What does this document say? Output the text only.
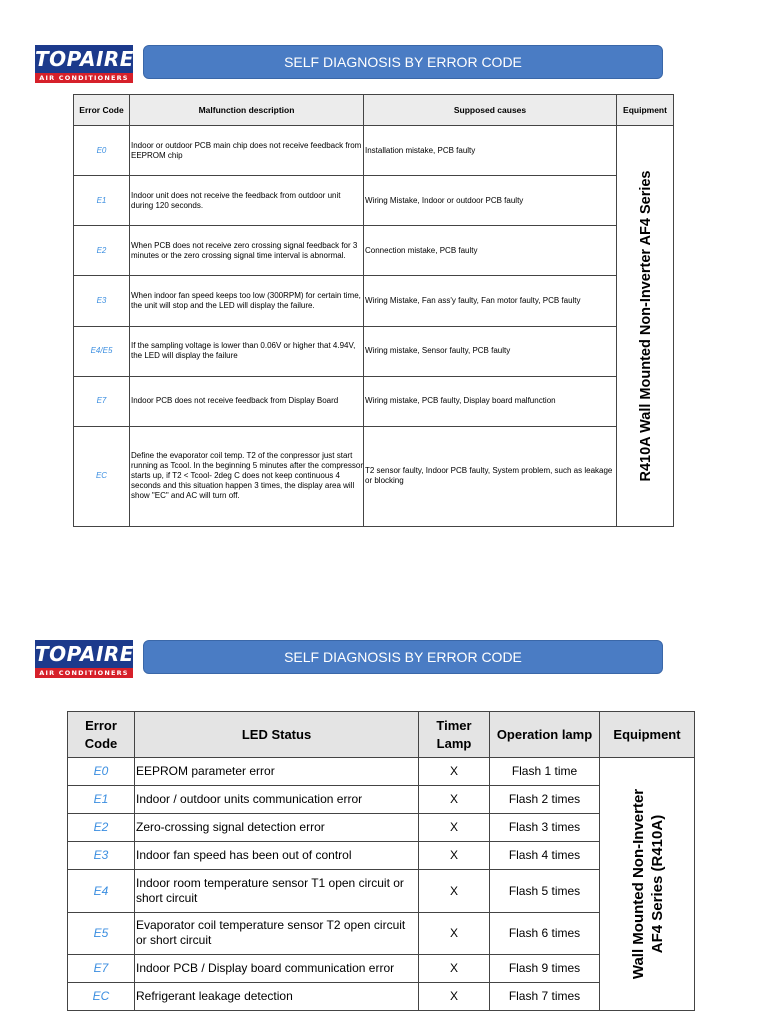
TOPAIRE
AIR CONDITIONERS
SELF DIAGNOSIS BY ERROR CODE
Error Code	Malfunction description	Supposed causes	Equipment
E0	Indoor or outdoor PCB main chip does not receive feedback from EEPROM chip	Installation mistake, PCB faulty	R410A Wall Mounted Non-Inverter AF4 Series

E1	Indoor unit does not receive the feedback from outdoor unit during 120 seconds.	Wiring Mistake, Indoor or outdoor PCB faulty	
E2	When PCB does not receive zero crossing signal feedback for 3 minutes or the zero crossing signal time interval is abnormal.	Connection mistake, PCB faulty	
E3	When indoor fan speed keeps too low (300RPM) for certain time, the unit will stop and the LED will display the failure.	Wiring Mistake, Fan ass'y faulty, Fan motor faulty, PCB faulty	
E4/E5	If the sampling voltage is lower than 0.06V or higher that 4.94V, the LED will display the failure	Wiring mistake, Sensor faulty, PCB faulty	
E7	Indoor PCB does not receive feedback from Display Board	Wiring mistake, PCB faulty, Display board malfunction	
EC	Define the evaporator coil temp. T2 of the conpressor just start running as Tcool. In the beginning 5 minutes after the compressor starts up, if T2 < Tcool- 2deg C does not keep continuous 4 seconds and this situation happen 3 times, the display area will show "EC" and AC will turn off.	T2 sensor faulty, Indoor PCB faulty, System problem, such as leakage or blocking	
TOPAIRE
AIR CONDITIONERS
SELF DIAGNOSIS BY ERROR CODE
Error Code	LED Status	Timer Lamp	Operation lamp	Equipment
E0	EEPROM parameter error	X	Flash 1 time	Wall Mounted Non-Inverter AF4 Series (R410A)

E1	Indoor / outdoor units communication error	X	Flash 2 times	
E2	Zero-crossing signal detection error	X	Flash 3 times	
E3	Indoor fan speed has been out of control	X	Flash 4 times	
E4	Indoor room temperature sensor T1 open circuit or short circuit	X	Flash 5 times	
E5	Evaporator coil temperature sensor T2 open circuit or short circuit	X	Flash 6 times	
E7	Indoor PCB / Display board communication error	X	Flash 9 times	
EC	Refrigerant leakage detection	X	Flash 7 times	
